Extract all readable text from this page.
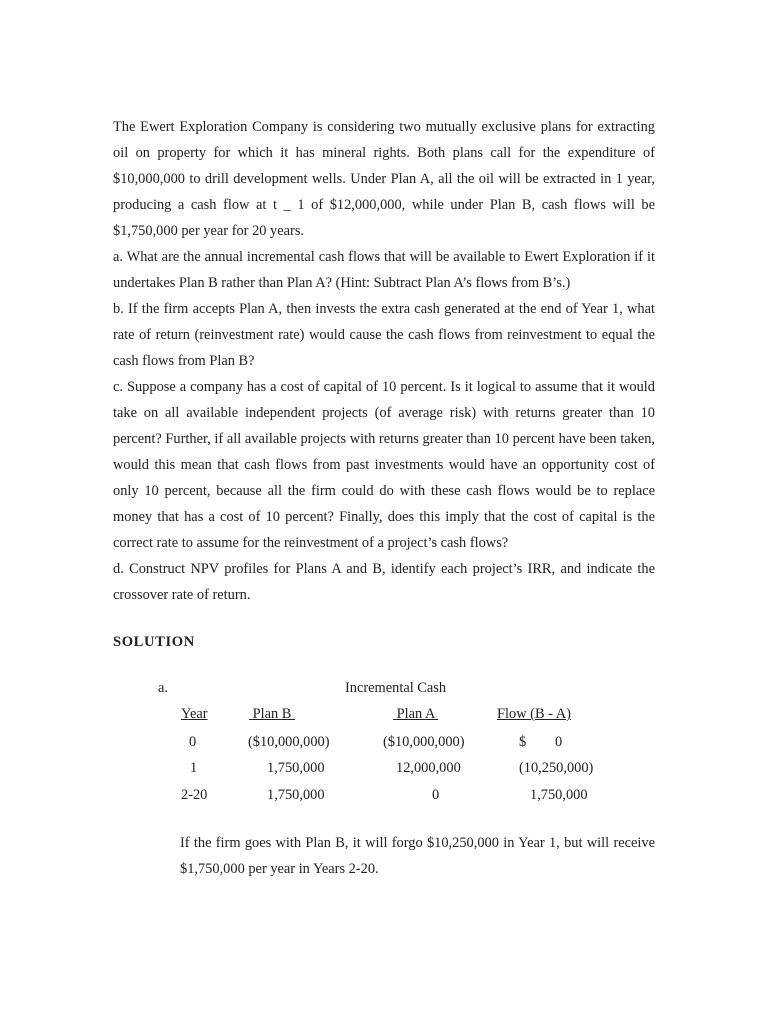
The Ewert Exploration Company is considering two mutually exclusive plans for extracting oil on property for which it has mineral rights. Both plans call for the expenditure of $10,000,000 to drill development wells. Under Plan A, all the oil will be extracted in 1 year, producing a cash flow at t _ 1 of $12,000,000, while under Plan B, cash flows will be $1,750,000 per year for 20 years.

a. What are the annual incremental cash flows that will be available to Ewert Exploration if it undertakes Plan B rather than Plan A? (Hint: Subtract Plan A’s flows from B’s.)

b. If the firm accepts Plan A, then invests the extra cash generated at the end of Year 1, what rate of return (reinvestment rate) would cause the cash flows from reinvestment to equal the cash flows from Plan B?

c. Suppose a company has a cost of capital of 10 percent. Is it logical to assume that it would take on all available independent projects (of average risk) with returns greater than 10 percent? Further, if all available projects with returns greater than 10 percent have been taken, would this mean that cash flows from past investments would have an opportunity cost of only 10 percent, because all the firm could do with these cash flows would be to replace money that has a cost of 10 percent? Finally, does this imply that the cost of capital is the correct rate to assume for the reinvestment of a project’s cash flows?

d. Construct NPV profiles for Plans A and B, identify each project’s IRR, and indicate the crossover rate of return.

SOLUTION
a.	Incremental Cash
Year	Plan B	Plan A	Flow (B - A)
0	($10,000,000)	($10,000,000)	$        0
1	1,750,000	12,000,000	(10,250,000)
2-20	1,750,000	0	1,750,000

If the firm goes with Plan B, it will forgo $10,250,000 in Year 1, but will receive $1,750,000 per year in Years 2-20.
